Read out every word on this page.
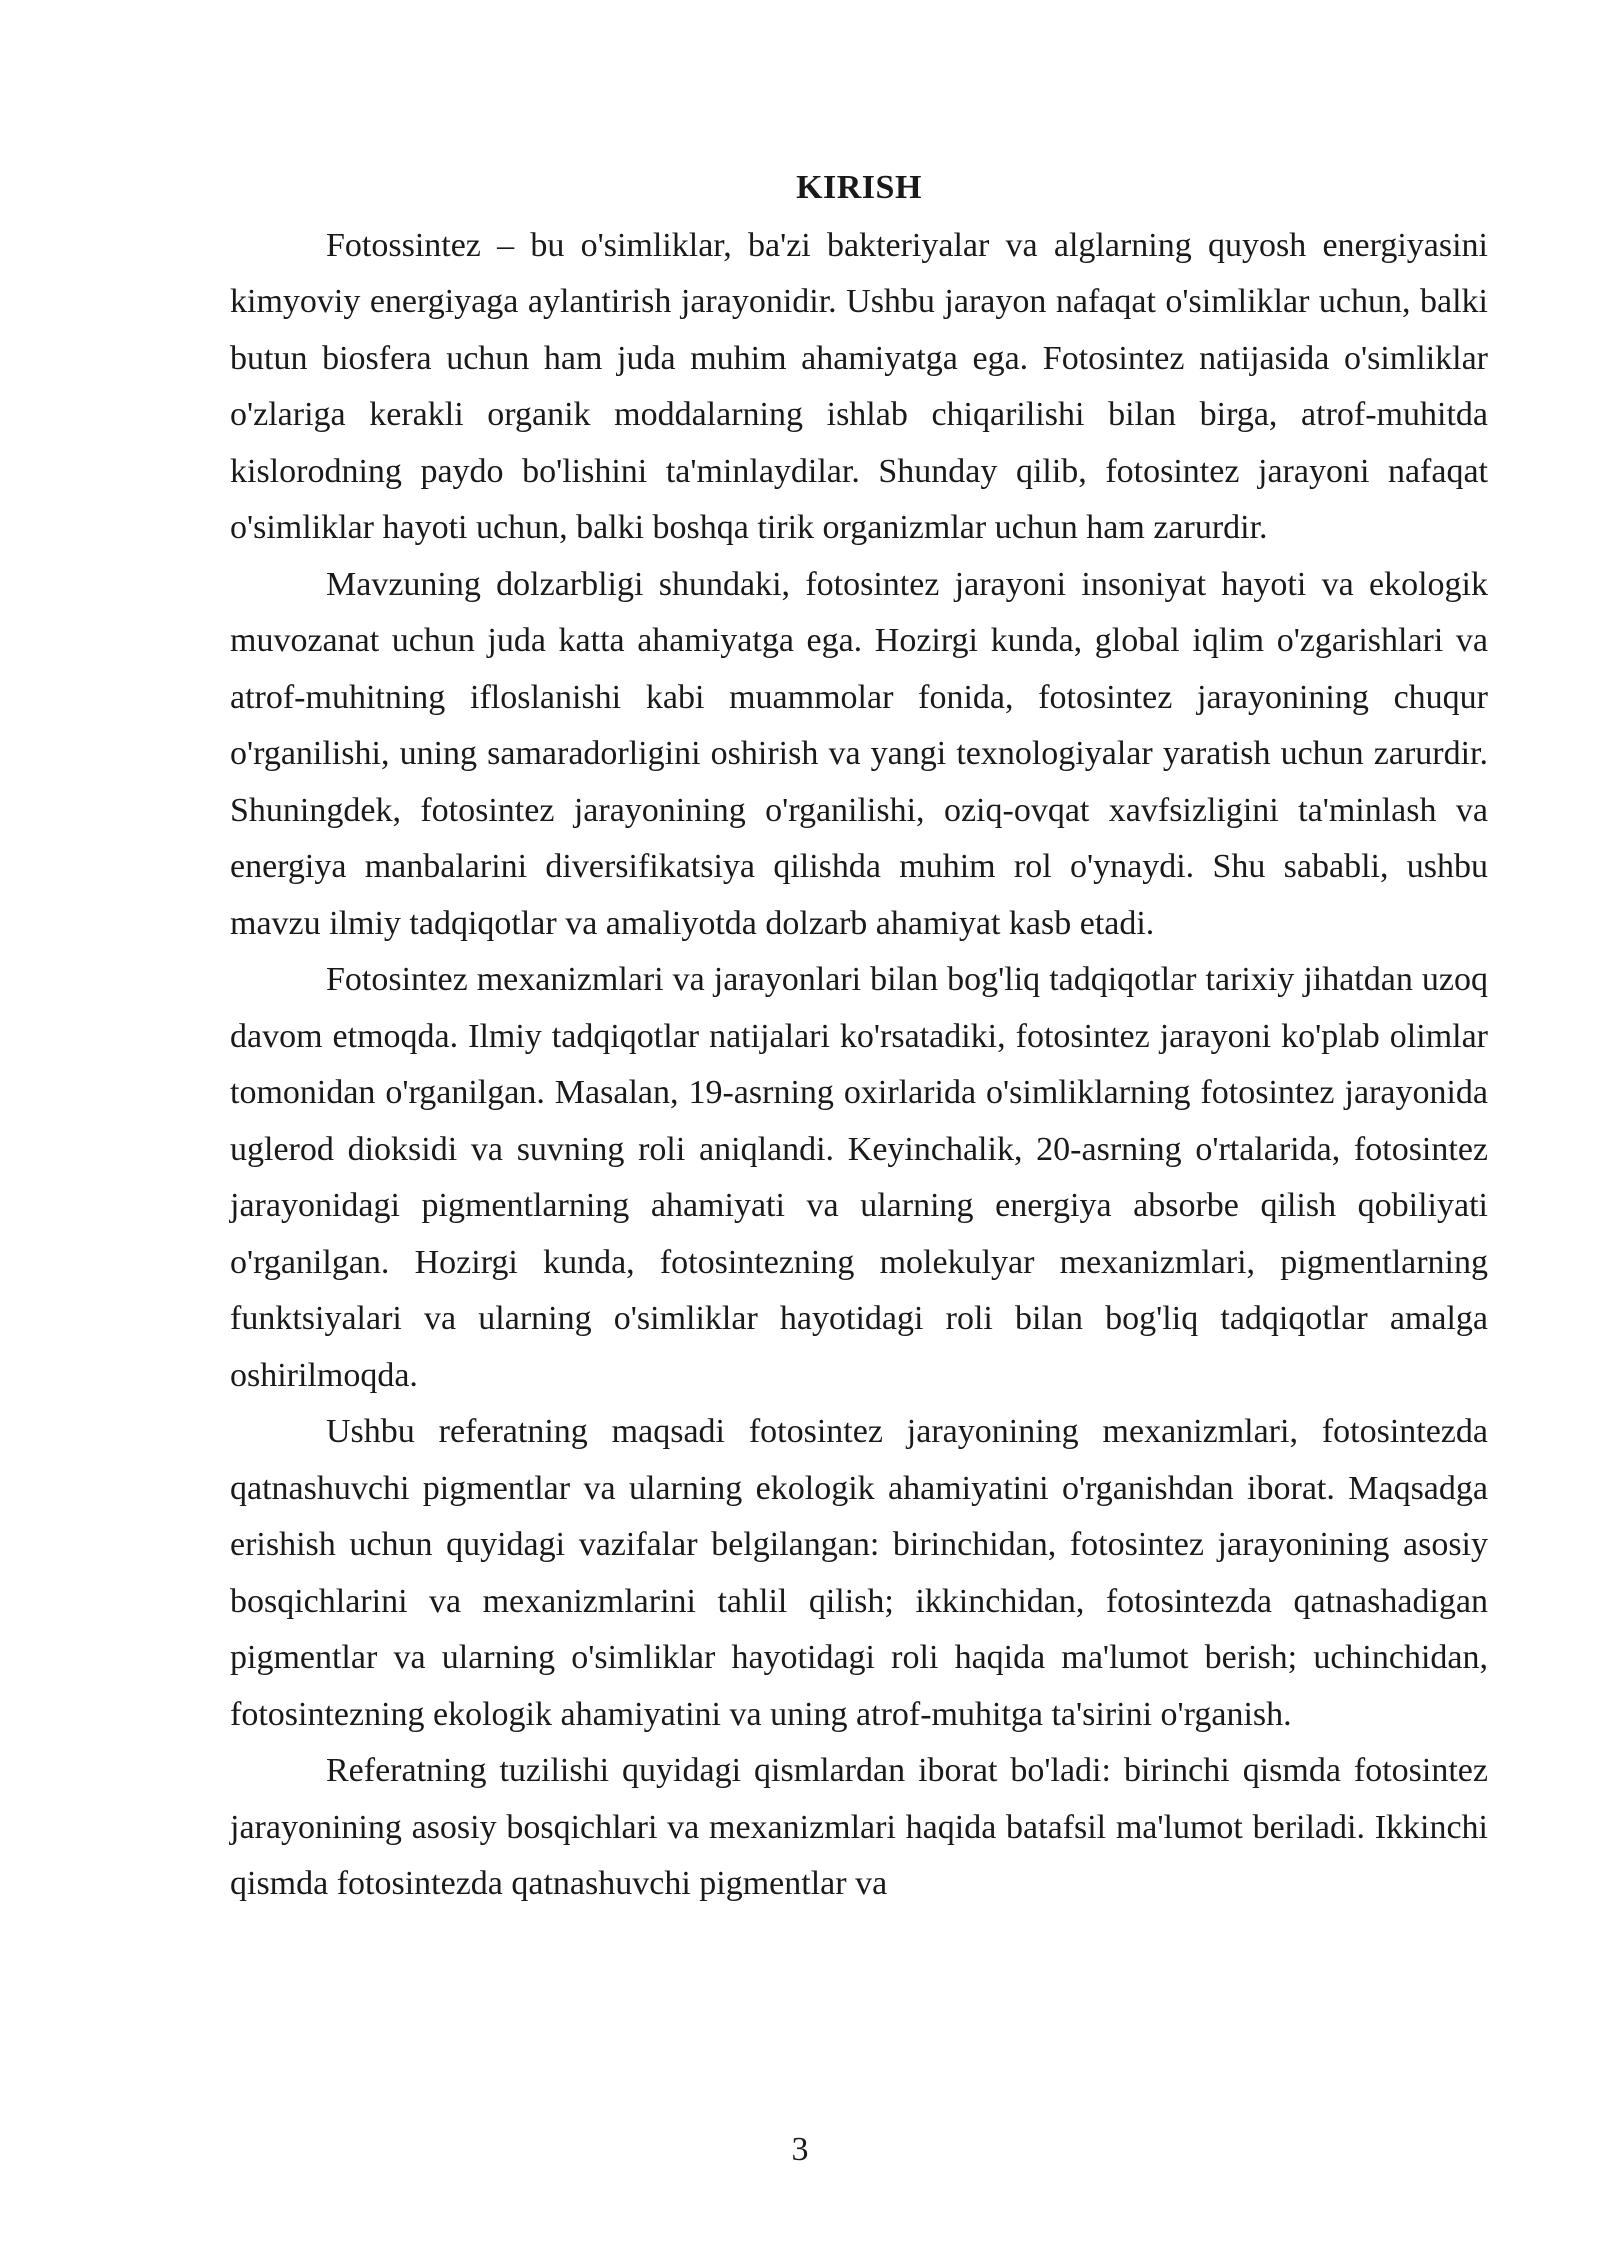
KIRISH

Fotossintez – bu o'simliklar, ba'zi bakteriyalar va alglarning quyosh energiyasini kimyoviy energiyaga aylantirish jarayonidir. Ushbu jarayon nafaqat o'simliklar uchun, balki butun biosfera uchun ham juda muhim ahamiyatga ega. Fotosintez natijasida o'simliklar o'zlariga kerakli organik moddalarning ishlab chiqarilishi bilan birga, atrof-muhitda kislorodning paydo bo'lishini ta'minlaydilar. Shunday qilib, fotosintez jarayoni nafaqat o'simliklar hayoti uchun, balki boshqa tirik organizmlar uchun ham zarurdir.

Mavzuning dolzarbligi shundaki, fotosintez jarayoni insoniyat hayoti va ekologik muvozanat uchun juda katta ahamiyatga ega. Hozirgi kunda, global iqlim o'zgarishlari va atrof-muhitning ifloslanishi kabi muammolar fonida, fotosintez jarayonining chuqur o'rganilishi, uning samaradorligini oshirish va yangi texnologiyalar yaratish uchun zarurdir. Shuningdek, fotosintez jarayonining o'rganilishi, oziq-ovqat xavfsizligini ta'minlash va energiya manbalarini diversifikatsiya qilishda muhim rol o'ynaydi. Shu sababli, ushbu mavzu ilmiy tadqiqotlar va amaliyotda dolzarb ahamiyat kasb etadi.

Fotosintez mexanizmlari va jarayonlari bilan bog'liq tadqiqotlar tarixiy jihatdan uzoq davom etmoqda. Ilmiy tadqiqotlar natijalari ko'rsatadiki, fotosintez jarayoni ko'plab olimlar tomonidan o'rganilgan. Masalan, 19-asrning oxirlarida o'simliklarning fotosintez jarayonida uglerod dioksidi va suvning roli aniqlandi. Keyinchalik, 20-asrning o'rtalarida, fotosintez jarayonidagi pigmentlarning ahamiyati va ularning energiya absorbe qilish qobiliyati o'rganilgan. Hozirgi kunda, fotosintezning molekulyar mexanizmlari, pigmentlarning funktsiyalari va ularning o'simliklar hayotidagi roli bilan bog'liq tadqiqotlar amalga oshirilmoqda.

Ushbu referatning maqsadi fotosintez jarayonining mexanizmlari, fotosintezda qatnashuvchi pigmentlar va ularning ekologik ahamiyatini o'rganishdan iborat. Maqsadga erishish uchun quyidagi vazifalar belgilangan: birinchidan, fotosintez jarayonining asosiy bosqichlarini va mexanizmlarini tahlil qilish; ikkinchidan, fotosintezda qatnashadigan pigmentlar va ularning o'simliklar hayotidagi roli haqida ma'lumot berish; uchinchidan, fotosintezning ekologik ahamiyatini va uning atrof-muhitga ta'sirini o'rganish.

Referatning tuzilishi quyidagi qismlardan iborat bo'ladi: birinchi qismda fotosintez jarayonining asosiy bosqichlari va mexanizmlari haqida batafsil ma'lumot beriladi. Ikkinchi qismda fotosintezda qatnashuvchi pigmentlar va

3
